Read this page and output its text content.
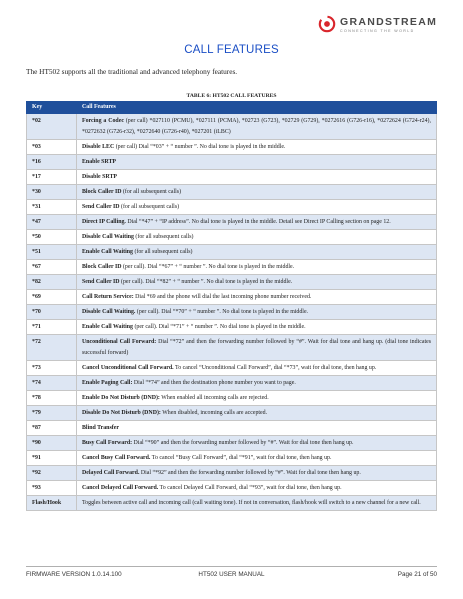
GRANDSTREAM
CONNECTING THE WORLD
CALL FEATURES
The HT502 supports all the traditional and advanced telephony features.
TABLE 6: HT502 CALL FEATURES
Key	Call Features
*02	Forcing a Codec (per call) *027110 (PCMU), *027111 (PCMA), *02723 (G723), *02729 (G729), *0272616 (G726-r16), *0272624 (G724-r24), *0272632 (G726-r32), *0272640 (G726-r40), *027201 (iLBC)
*03	Disable LEC (per call) Dial “*03” + “ number ”. No dial tone is played in the middle.
*16	Enable SRTP
*17	Disable SRTP
*30	Block Caller ID (for all subsequent calls)
*31	Send Caller ID (for all subsequent calls)
*47	Direct IP Calling. Dial “*47” + “IP address”. No dial tone is played in the middle. Detail see Direct IP Calling section on page 12.
*50	Disable Call Waiting (for all subsequent calls)
*51	Enable Call Waiting (for all subsequent calls)
*67	Block Caller ID (per call). Dial “*67” + “ number ”. No dial tone is played in the middle.
*82	Send Caller ID (per call). Dial “*82” + “ number ”. No dial tone is played in the middle.
*69	Call Return Service: Dial *69 and the phone will dial the last incoming phone number received.
*70	Disable Call Waiting. (per call). Dial “*70” + “ number ”. No dial tone is played in the middle.
*71	Enable Call Waiting (per call). Dial “*71” + “ number ”. No dial tone is played in the middle.
*72	Unconditional Call Forward: Dial “*72” and then the forwarding number followed by “#”. Wait for dial tone and hang up. (dial tone indicates successful forward)
*73	Cancel Unconditional Call Forward. To cancel “Unconditional Call Forward”, dial “*73”, wait for dial tone, then hang up.
*74	Enable Paging Call: Dial “*74” and then the destination phone number you want to page.
*78	Enable Do Not Disturb (DND): When enabled all incoming calls are rejected.
*79	Disable Do Not Disturb (DND): When disabled, incoming calls are accepted.
*87	Blind Transfer
*90	Busy Call Forward: Dial “*90” and then the forwarding number followed by “#”. Wait for dial tone then hang up.
*91	Cancel Busy Call Forward. To cancel “Busy Call Forward”, dial “*91”, wait for dial tone, then hang up.
*92	Delayed Call Forward. Dial “*92” and then the forwarding number followed by “#”. Wait for dial tone then hang up.
*93	Cancel Delayed Call Forward. To cancel Delayed Call Forward, dial “*93”, wait for dial tone, then hang up.
Flash/Hook	Toggles between active call and incoming call (call waiting tone). If not in conversation, flash/hook will switch to a new channel for a new call.
FIRMWARE VERSION 1.0.14.100	HT502 USER MANUAL	Page 21 of 50
